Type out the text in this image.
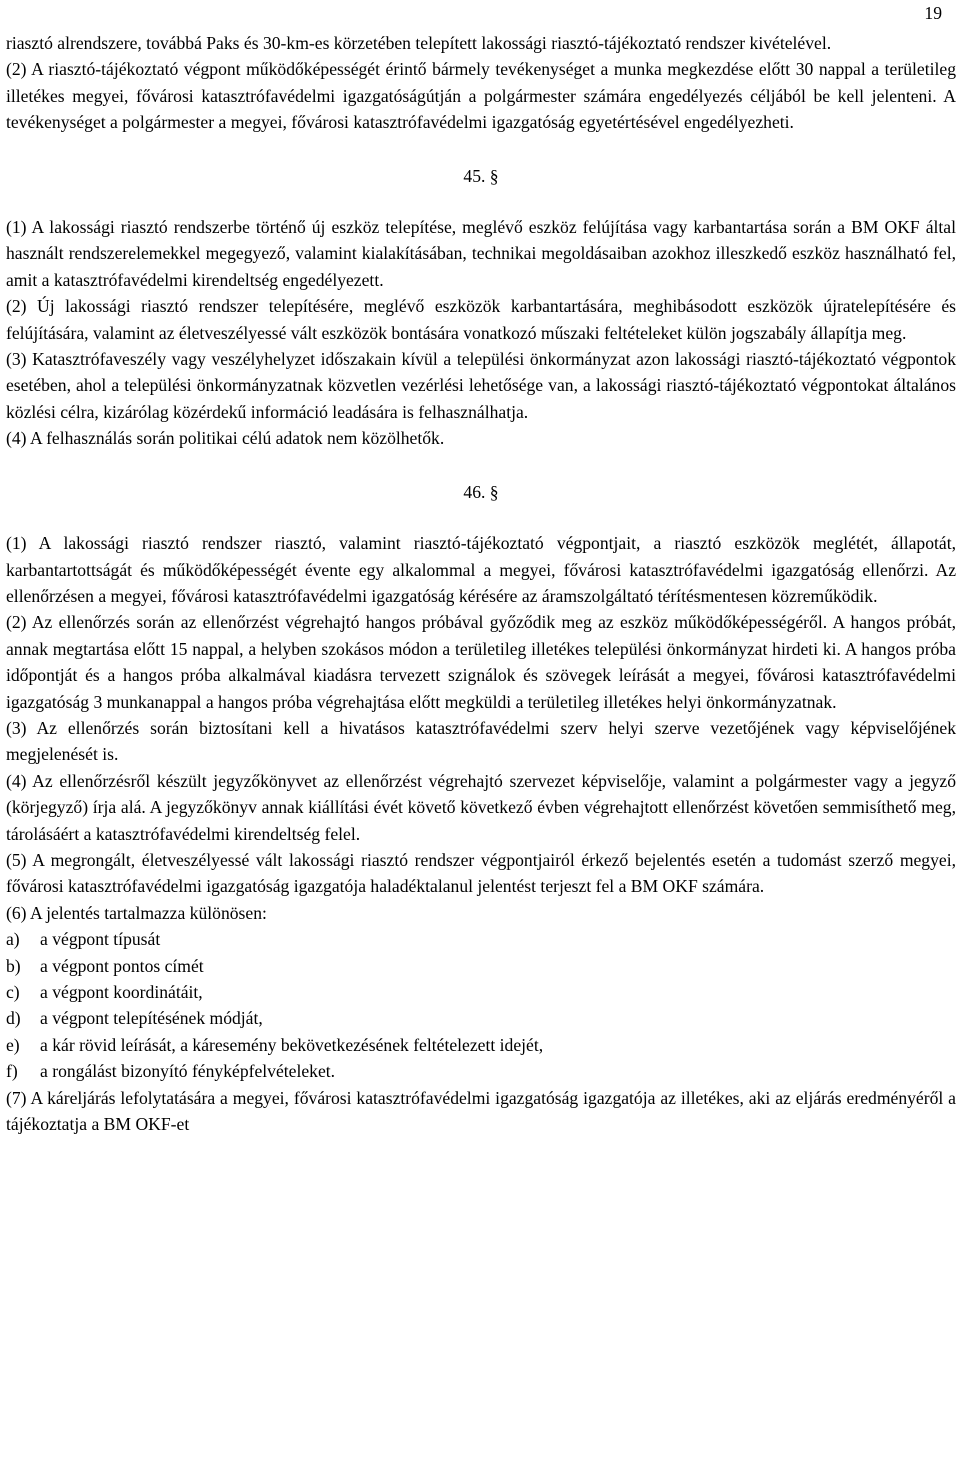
19

riasztó alrendszere, továbbá Paks és 30-km-es körzetében telepített lakossági riasztó-tájékoztató rendszer kivételével.

(2) A riasztó-tájékoztató végpont működőképességét érintő bármely tevékenységet a munka megkezdése előtt 30 nappal a területileg illetékes megyei, fővárosi katasztrófavédelmi igazgatóságútján a polgármester számára engedélyezés céljából be kell jelenteni. A tevékenységet a polgármester a megyei, fővárosi katasztrófavédelmi igazgatóság egyetértésével engedélyezheti.

45. §

(1) A lakossági riasztó rendszerbe történő új eszköz telepítése, meglévő eszköz felújítása vagy karbantartása során a BM OKF által használt rendszerelemekkel megegyező, valamint kialakításában, technikai megoldásaiban azokhoz illeszkedő eszköz használható fel, amit a katasztrófavédelmi kirendeltség engedélyezett.

(2) Új lakossági riasztó rendszer telepítésére, meglévő eszközök karbantartására, meghibásodott eszközök újratelepítésére és felújítására, valamint az életveszélyessé vált eszközök bontására vonatkozó műszaki feltételeket külön jogszabály állapítja meg.

(3) Katasztrófaveszély vagy veszélyhelyzet időszakain kívül a települési önkormányzat azon lakossági riasztó-tájékoztató végpontok esetében, ahol a települési önkormányzatnak közvetlen vezérlési lehetősége van, a lakossági riasztó-tájékoztató végpontokat általános közlési célra, kizárólag közérdekű információ leadására is felhasználhatja.

(4) A felhasználás során politikai célú adatok nem közölhetők.

46. §

(1) A lakossági riasztó rendszer riasztó, valamint riasztó-tájékoztató végpontjait, a riasztó eszközök meglétét, állapotát, karbantartottságát és működőképességét évente egy alkalommal a megyei, fővárosi katasztrófavédelmi igazgatóság ellenőrzi. Az ellenőrzésen a megyei, fővárosi katasztrófavédelmi igazgatóság kérésére az áramszolgáltató térítésmentesen közreműködik.

(2) Az ellenőrzés során az ellenőrzést végrehajtó hangos próbával győződik meg az eszköz működőképességéről. A hangos próbát, annak megtartása előtt 15 nappal, a helyben szokásos módon a területileg illetékes települési önkormányzat hirdeti ki. A hangos próba időpontját és a hangos próba alkalmával kiadásra tervezett szignálok és szövegek leírását a megyei, fővárosi katasztrófavédelmi igazgatóság 3 munkanappal a hangos próba végrehajtása előtt megküldi a területileg illetékes helyi önkormányzatnak.

(3) Az ellenőrzés során biztosítani kell a hivatásos katasztrófavédelmi szerv helyi szerve vezetőjének vagy képviselőjének megjelenését is.

(4) Az ellenőrzésről készült jegyzőkönyvet az ellenőrzést végrehajtó szervezet képviselője, valamint a polgármester vagy a jegyző (körjegyző) írja alá. A jegyzőkönyv annak kiállítási évét követő következő évben végrehajtott ellenőrzést követően semmisíthető meg, tárolásáért a katasztrófavédelmi kirendeltség felel.

(5) A megrongált, életveszélyessé vált lakossági riasztó rendszer végpontjairól érkező bejelentés esetén a tudomást szerző megyei, fővárosi katasztrófavédelmi igazgatóság igazgatója haladéktalanul jelentést terjeszt fel a BM OKF számára.

(6) A jelentés tartalmazza különösen:

a)	a végpont típusát
b)	a végpont pontos címét
c)	a végpont koordinátáit,
d)	a végpont telepítésének módját,
e)	a kár rövid leírását, a káresemény bekövetkezésének feltételezett idejét,
f)	a rongálást bizonyító fényképfelvételeket.

(7) A káreljárás lefolytatására a megyei, fővárosi katasztrófavédelmi igazgatóság igazgatója az illetékes, aki az eljárás eredményéről a tájékoztatja a BM OKF-et
